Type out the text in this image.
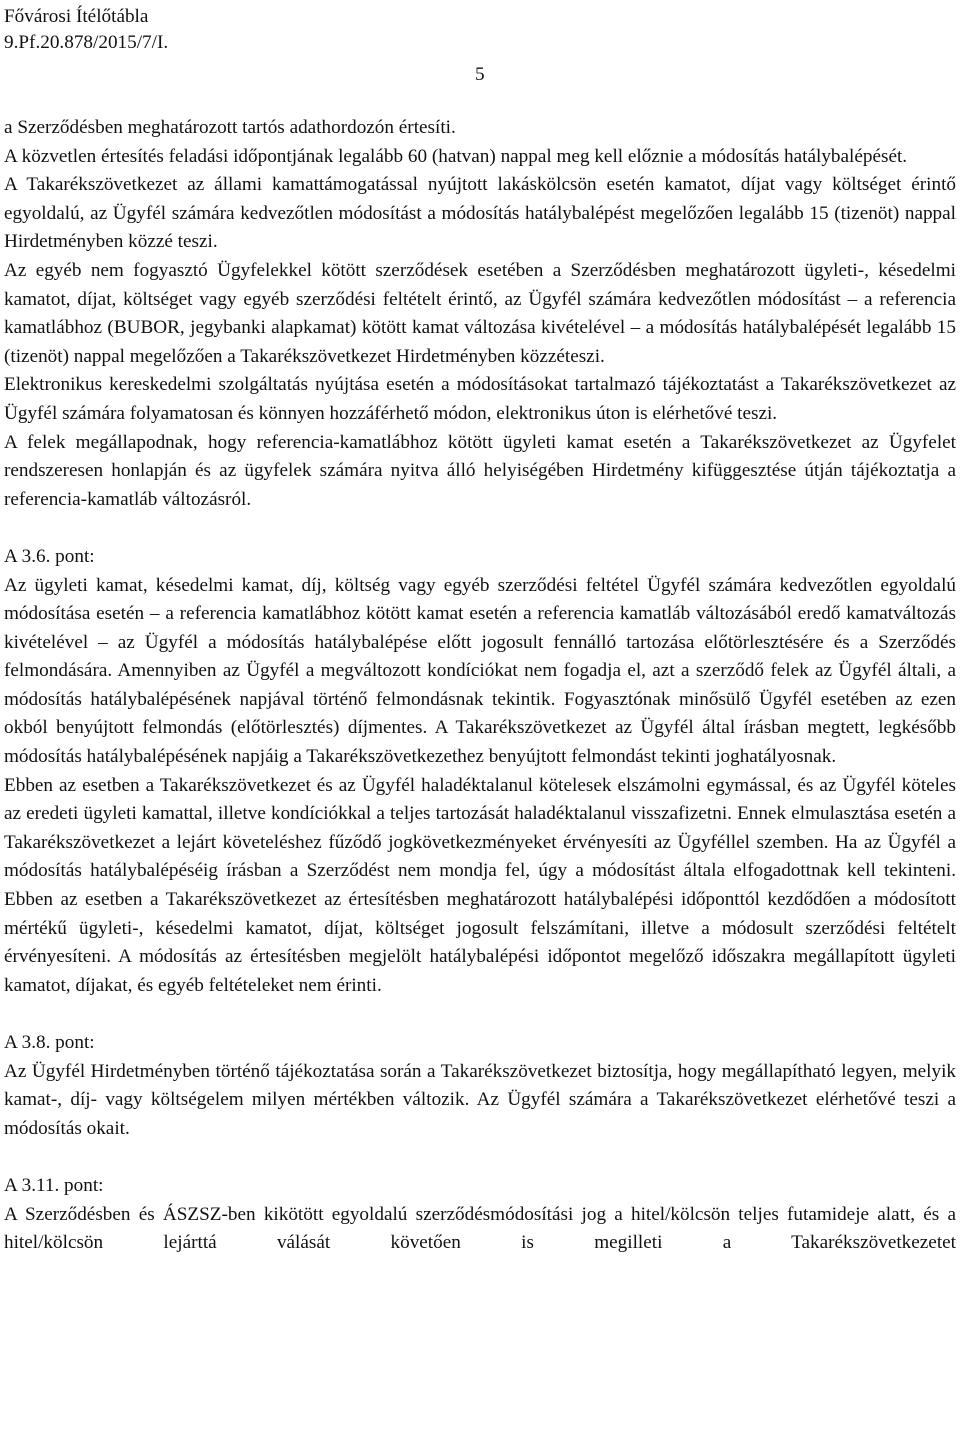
Fővárosi Ítélőtábla
9.Pf.20.878/2015/7/I.
5

a Szerződésben meghatározott tartós adathordozón értesíti.

A közvetlen értesítés feladási időpontjának legalább 60 (hatvan) nappal meg kell előznie a módosítás hatálybalépését.

A Takarékszövetkezet az állami kamattámogatással nyújtott lakáskölcsön esetén kamatot, díjat vagy költséget érintő egyoldalú, az Ügyfél számára kedvezőtlen módosítást a módosítás hatálybalépést megelőzően legalább 15 (tizenöt) nappal Hirdetményben közzé teszi.

Az egyéb nem fogyasztó Ügyfelekkel kötött szerződések esetében a Szerződésben meghatározott ügyleti-, késedelmi kamatot, díjat, költséget vagy egyéb szerződési feltételt érintő, az Ügyfél számára kedvezőtlen módosítást – a referencia kamatlábhoz (BUBOR, jegybanki alapkamat) kötött kamat változása kivételével – a módosítás hatálybalépését legalább 15 (tizenöt) nappal megelőzően a Takarékszövetkezet Hirdetményben közzéteszi.

Elektronikus kereskedelmi szolgáltatás nyújtása esetén a módosításokat tartalmazó tájékoztatást a Takarékszövetkezet az Ügyfél számára folyamatosan és könnyen hozzáférhető módon, elektronikus úton is elérhetővé teszi.

A felek megállapodnak, hogy referencia-kamatlábhoz kötött ügyleti kamat esetén a Takarékszövetkezet az Ügyfelet rendszeresen honlapján és az ügyfelek számára nyitva álló helyiségében Hirdetmény kifüggesztése útján tájékoztatja a referencia-kamatláb változásról.

A 3.6. pont:

Az ügyleti kamat, késedelmi kamat, díj, költség vagy egyéb szerződési feltétel Ügyfél számára kedvezőtlen egyoldalú módosítása esetén – a referencia kamatlábhoz kötött kamat esetén a referencia kamatláb változásából eredő kamatváltozás kivételével – az Ügyfél a módosítás hatálybalépése előtt jogosult fennálló tartozása előtörlesztésére és a Szerződés felmondására. Amennyiben az Ügyfél a megváltozott kondíciókat nem fogadja el, azt a szerződő felek az Ügyfél általi, a módosítás hatálybalépésének napjával történő felmondásnak tekintik. Fogyasztónak minősülő Ügyfél esetében az ezen okból benyújtott felmondás (előtörlesztés) díjmentes. A Takarékszövetkezet az Ügyfél által írásban megtett, legkésőbb módosítás hatálybalépésének napjáig a Takarékszövetkezethez benyújtott felmondást tekinti joghatályosnak.

Ebben az esetben a Takarékszövetkezet és az Ügyfél haladéktalanul kötelesek elszámolni egymással, és az Ügyfél köteles az eredeti ügyleti kamattal, illetve kondíciókkal a teljes tartozását haladéktalanul visszafizetni. Ennek elmulasztása esetén a Takarékszövetkezet a lejárt követeléshez fűződő jogkövetkezményeket érvényesíti az Ügyféllel szemben. Ha az Ügyfél a módosítás hatálybalépéséig írásban a Szerződést nem mondja fel, úgy a módosítást általa elfogadottnak kell tekinteni. Ebben az esetben a Takarékszövetkezet az értesítésben meghatározott hatálybalépési időponttól kezdődően a módosított mértékű ügyleti-, késedelmi kamatot, díjat, költséget jogosult felszámítani, illetve a módosult szerződési feltételt érvényesíteni. A módosítás az értesítésben megjelölt hatálybalépési időpontot megelőző időszakra megállapított ügyleti kamatot, díjakat, és egyéb feltételeket nem érinti.

A 3.8. pont:

Az Ügyfél Hirdetményben történő tájékoztatása során a Takarékszövetkezet biztosítja, hogy megállapítható legyen, melyik kamat-, díj- vagy költségelem milyen mértékben változik. Az Ügyfél számára a Takarékszövetkezet elérhetővé teszi a módosítás okait.

A 3.11. pont:

A Szerződésben és ÁSZSZ-ben kikötött egyoldalú szerződésmódosítási jog a hitel/kölcsön teljes futamideje alatt, és a hitel/kölcsön lejárttá válását követően is megilleti a Takarékszövetkezetet
